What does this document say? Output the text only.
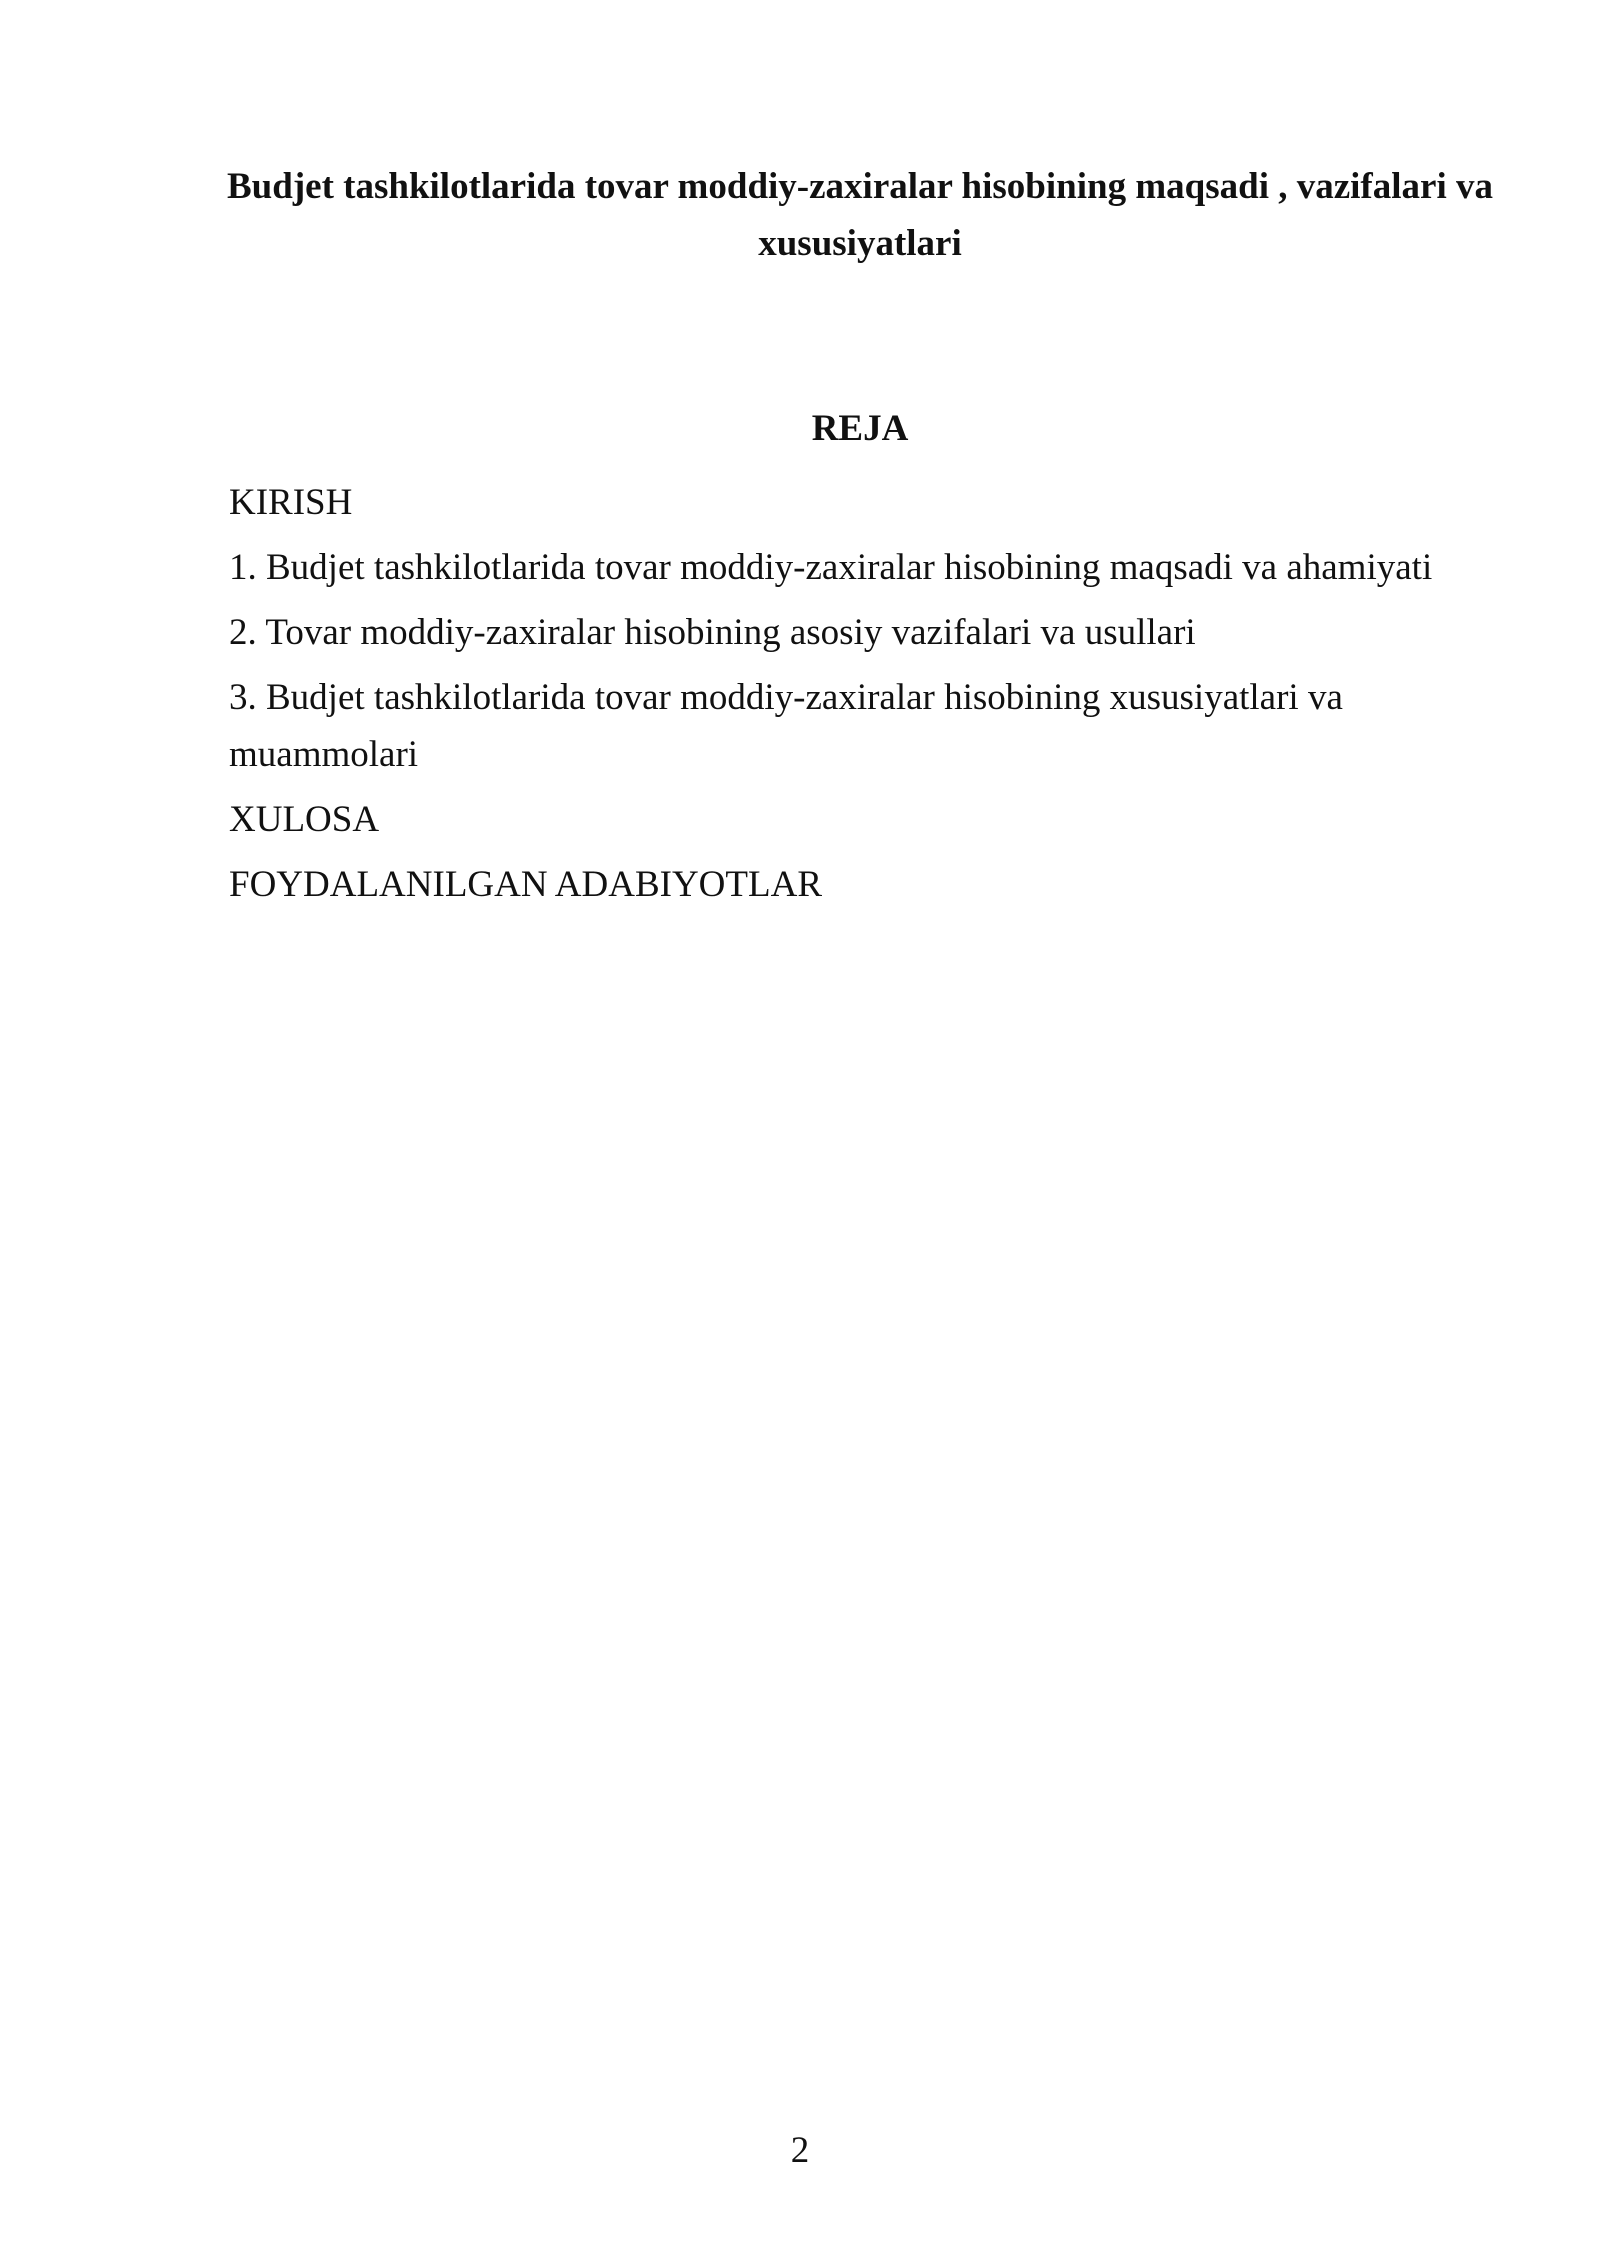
Budjet tashkilotlarida tovar moddiy-zaxiralar hisobining maqsadi , vazifalari va xususiyatlari
REJA
KIRISH
1. Budjet tashkilotlarida tovar moddiy-zaxiralar hisobining maqsadi va ahamiyati
2. Tovar moddiy-zaxiralar hisobining asosiy vazifalari va usullari
3. Budjet tashkilotlarida tovar moddiy-zaxiralar hisobining xususiyatlari va muammolari
XULOSA
FOYDALANILGAN ADABIYOTLAR
2
